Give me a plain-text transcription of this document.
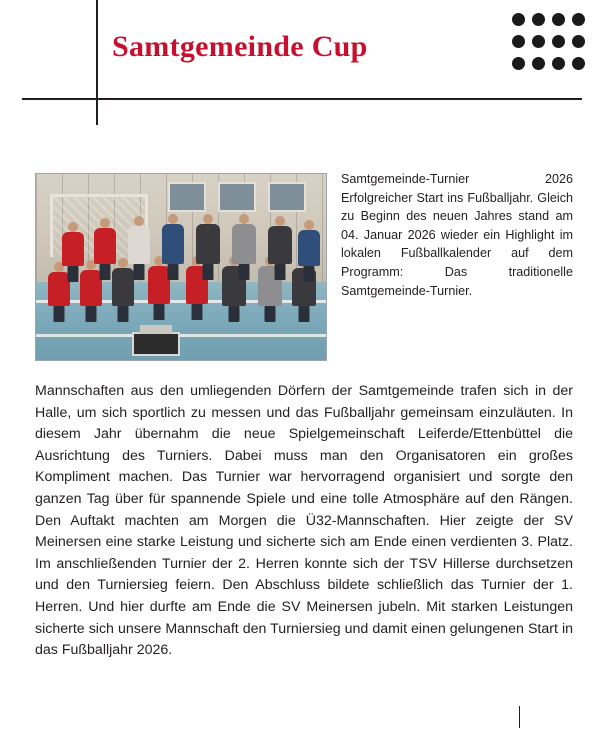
Samtgemeinde Cup
Samtgemeinde-Turnier 2026 Erfolgreicher Start ins Fußballjahr. Gleich zu Beginn des neuen Jahres stand am 04. Januar 2026 wieder ein Highlight im lokalen Fußballkalender auf dem Programm: Das traditionelle Samtgemeinde-Turnier.
Mannschaften aus den umliegenden Dörfern der Samtgemeinde trafen sich in der Halle, um sich sportlich zu messen und das Fußballjahr gemeinsam einzuläuten. In diesem Jahr übernahm die neue Spielgemeinschaft Leiferde/Ettenbüttel die Ausrichtung des Turniers. Dabei muss man den Organisatoren ein großes Kompliment machen. Das Turnier war hervorragend organisiert und sorgte den ganzen Tag über für spannende Spiele und eine tolle Atmosphäre auf den Rängen. Den Auftakt machten am Morgen die Ü32-Mannschaften. Hier zeigte der SV Meinersen eine starke Leistung und sicherte sich am Ende einen verdienten 3. Platz. Im anschließenden Turnier der 2. Herren konnte sich der TSV Hillerse durchsetzen und den Turniersieg feiern. Den Abschluss bildete schließlich das Turnier der 1. Herren. Und hier durfte am Ende die SV Meinersen jubeln. Mit starken Leistungen sicherte sich unsere Mannschaft den Turniersieg und damit einen gelungenen Start in das Fußballjahr 2026.
